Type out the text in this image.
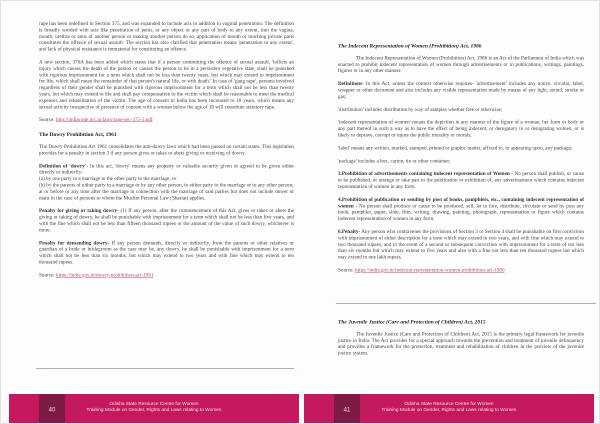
rape has been redefined in Section 375, and was expanded to include acts in addition to vaginal penetration. The definition is broadly worded with acts like penetration of penis, or any object or any part of body to any extent, into the vagina, mouth, urethra or anus of another person or making another person do so, application of mouth or touching private parts constitutes the offence of sexual assault. The section has also clarified that penetration means 'penetration to any extent', and lack of physical resistance is immaterial for constituting an offence.

A new section, 376A has been added which states that if a person committing the offence of sexual assault, 'inflicts an injury which causes the death of the person or causes the person to be in a persistent vegetative state, shall be punished with rigorous imprisonment for a term which shall not be less than twenty years, but which may extend to imprisonment for life, which shall mean the remainder of that person's natural life, or with death.' In case of 'gang rape', persons involved regardless of their gender shall be punished with rigorous imprisonment for a term which shall not be less than twenty years, but which may extend to life and shall pay compensation to the victim which shall be reasonable to meet the medical expenses and rehabilitation of the victim. The age of consent in India has been increased to 18 years, which means any sexual activity irrespective of presence of consent with a woman below the age of 18 will constitute statutory rape.

Source: http://indiacode.nic.in/laws/rape-sec-375-1.pdf

The Dowry Prohibition Act, 1961

The Dowry Prohibition Act 1961 consolidates the anti-dowry laws which had been passed on certain states. This legislation provides for a penalty in section 3 if any person gives or takes or abets giving or receiving of dowry.

Definition of 'dowry'- In this act, 'dowry' means any property or valuable security given or agreed to be given either directly or indirectly-

(a) by one party to a marriage to the other party to the marriage; or

(b) by the parents of either party to a marriage or by any other person, to either party to the marriage or to any other person;

at or before or any time after the marriage in connection with the marriage of said parties but does not include dower or mahr in the case of persons to whom the Muslim Personal Law (Shariat) applies.

Penalty for giving or taking dowry- (1) If any person, after the commencement of this Act, gives or takes or abets the giving or taking of dowry, he shall be punishable with imprisonment for a term which shall not be less than five years, and with the fine which shall not be less than fifteen thousand rupees or the amount of the value of such dowry, whichever is more.

Penalty for demanding dowry- If any person demands, directly or indirectly, from the parents or other relatives or guardian of a bride or bridegroom as the case may be, any dowry, he shall be punishable with imprisonment for a term which shall not be less than six months, but which may extend to two years and with fine which may extend to ten thousand rupees.

Source: https://india.gov.in/dowry-prohibition-act-1961

40
Odisha State Resource Centre for Women
Training Module on Gender, Rights and Laws relating to Women
The Indecent Representation of Women (Prohibition) Act, 1986

The Indecent Representation of Women (Prohibition) Act, 1986 is an Act of the Parliament of India which was enacted to prohibit indecent representation of women through advertisements or in publications, writings, paintings, figures or in any other manner.

Definitions- In this Act, unless the context otherwise requires- 'advertisement' includes any notice, circular, label, wrapper or other document and also includes any visible representation made by means of any light, sound, smoke or gas;

'distribution' includes distribution by way of samples whether free or otherwise;

'indecent representation of women' means the depiction in any manner of the figure of a woman, her form or body or any part thereof in such a way as to have the effect of being indecent, or derogatory to or denigrating women, or is likely to deprave, corrupt or injure the public morality or morals;

'label' means any written, marked, stamped, printed or graphic matter, affixed to, or appearing upon, any package;

'package' includes a box, carton, tin or other container;

3.Prohibition of advertisements containing indecent representation of Women - No person shall publish, or cause to be published, or arrange or take part in the publication or exhibition of, any advertisement which contains indecent representation of women in any form.

4.Prohibition of publication or sending by post of books, pamphlets, etc., containing indecent representation of women - No person shall produce or cause to be produced, sell, let to hire, distribute, circulate or send by post any book, pamphlet, paper, slide, film, writing, drawing, painting, photograph, representation or figure which contains indecent representation of women in any form.

6.Penalty- Any person who contravenes the provisions of Section 3 or Section 4 shall be punishable on first conviction with imprisonment of either description for a term which may extend to two years, and with fine which may extend to two thousand rupees, and in the event of a second or subsequent conviction with imprisonment for a term of not less than six months but which may extend to five years and also with a fine not less than ten thousand rupees but which may extend to one lakh rupees.

Source: https://india.gov.in/indecent-representation-women-prohibition-act-1986

The Juvenile Justice (Care and Protection of Children) Act, 2015

The Juvenile Justice (Care and Protection of Children) Act, 2015 is the primary legal framework for juvenile justice in India. The Act provides for a special approach towards the prevention and treatment of juvenile delinquency and provides a framework for the protection, treatment and rehabilitation of children in the purview of the juvenile justice system.

41
Odisha State Resource Centre for Women
Training Module on Gender, Rights and Laws relating to Women
